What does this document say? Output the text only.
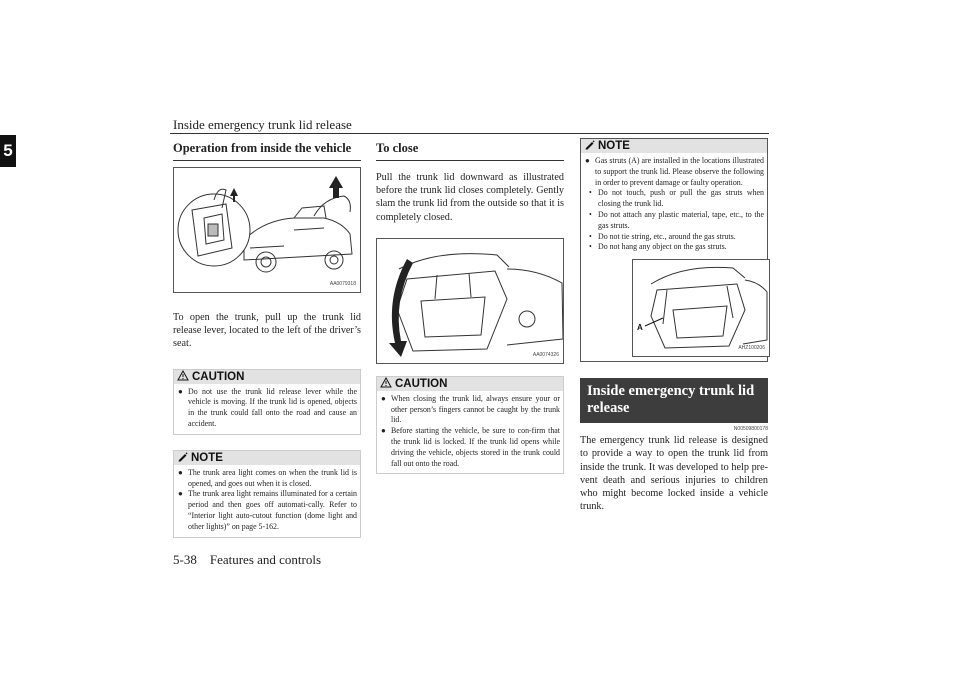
Inside emergency trunk lid release
5
5-38 Features and controls
Operation from inside the vehicle
AA0079318

To open the trunk, pull up the trunk lid release lever, located to the left of the driver’s seat.

CAUTION
● Do not use the trunk lid release lever while the vehicle is moving. If the trunk lid is opened, objects in the trunk could fall onto the road and cause an accident.
NOTE
● The trunk area light comes on when the trunk lid is opened, and goes out when it is closed.
● The trunk area light remains illuminated for a certain period and then goes off automati-cally. Refer to “Interior light auto-cutout function (dome light and other lights)” on page 5-162.
To close

Pull the trunk lid downward as illustrated before the trunk lid closes completely. Gently slam the trunk lid from the outside so that it is completely closed.

AA0074326
CAUTION
● When closing the trunk lid, always ensure your or other person’s fingers cannot be caught by the trunk lid.
● Before starting the vehicle, be sure to con-firm that the trunk lid is locked. If the trunk lid opens while driving the vehicle, objects stored in the trunk could fall out onto the road.
NOTE
● Gas struts (A) are installed in the locations illustrated to support the trunk lid. Please observe the following in order to prevent damage or faulty operation.
• Do not touch, push or pull the gas struts when closing the trunk lid.
• Do not attach any plastic material, tape, etc., to the gas struts.
• Do not tie string, etc., around the gas struts.
• Do not hang any object on the gas struts.
A
AHZ100206
Inside emergency trunk lid release
N00509800178

The emergency trunk lid release is designed to provide a way to open the trunk lid from inside the trunk. It was developed to help pre-vent death and serious injuries to children who might become locked inside a vehicle trunk.
